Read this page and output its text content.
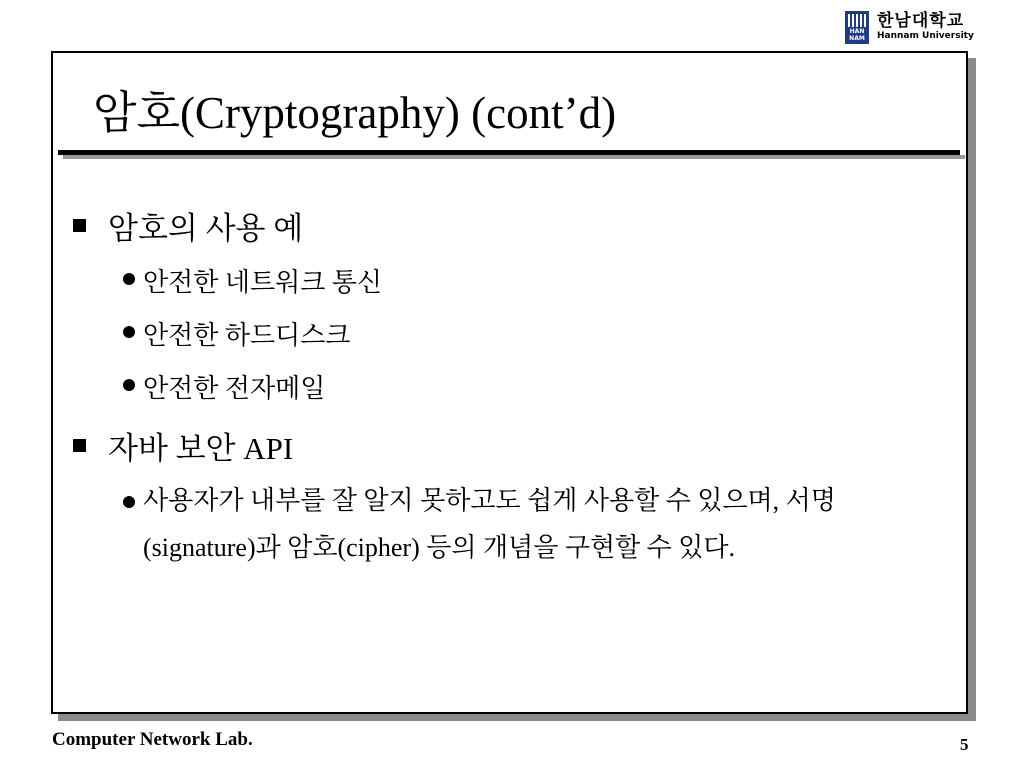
HAN
NAM
한남대학교
Hannam University
암호(Cryptography) (cont’d)
암호의 사용 예
안전한 네트워크 통신
안전한 하드디스크
안전한 전자메일
자바 보안 API
사용자가 내부를 잘 알지 못하고도 쉽게 사용할 수 있으며, 서명(signature)과 암호(cipher) 등의 개념을 구현할 수 있다.
Computer Network Lab.	5
